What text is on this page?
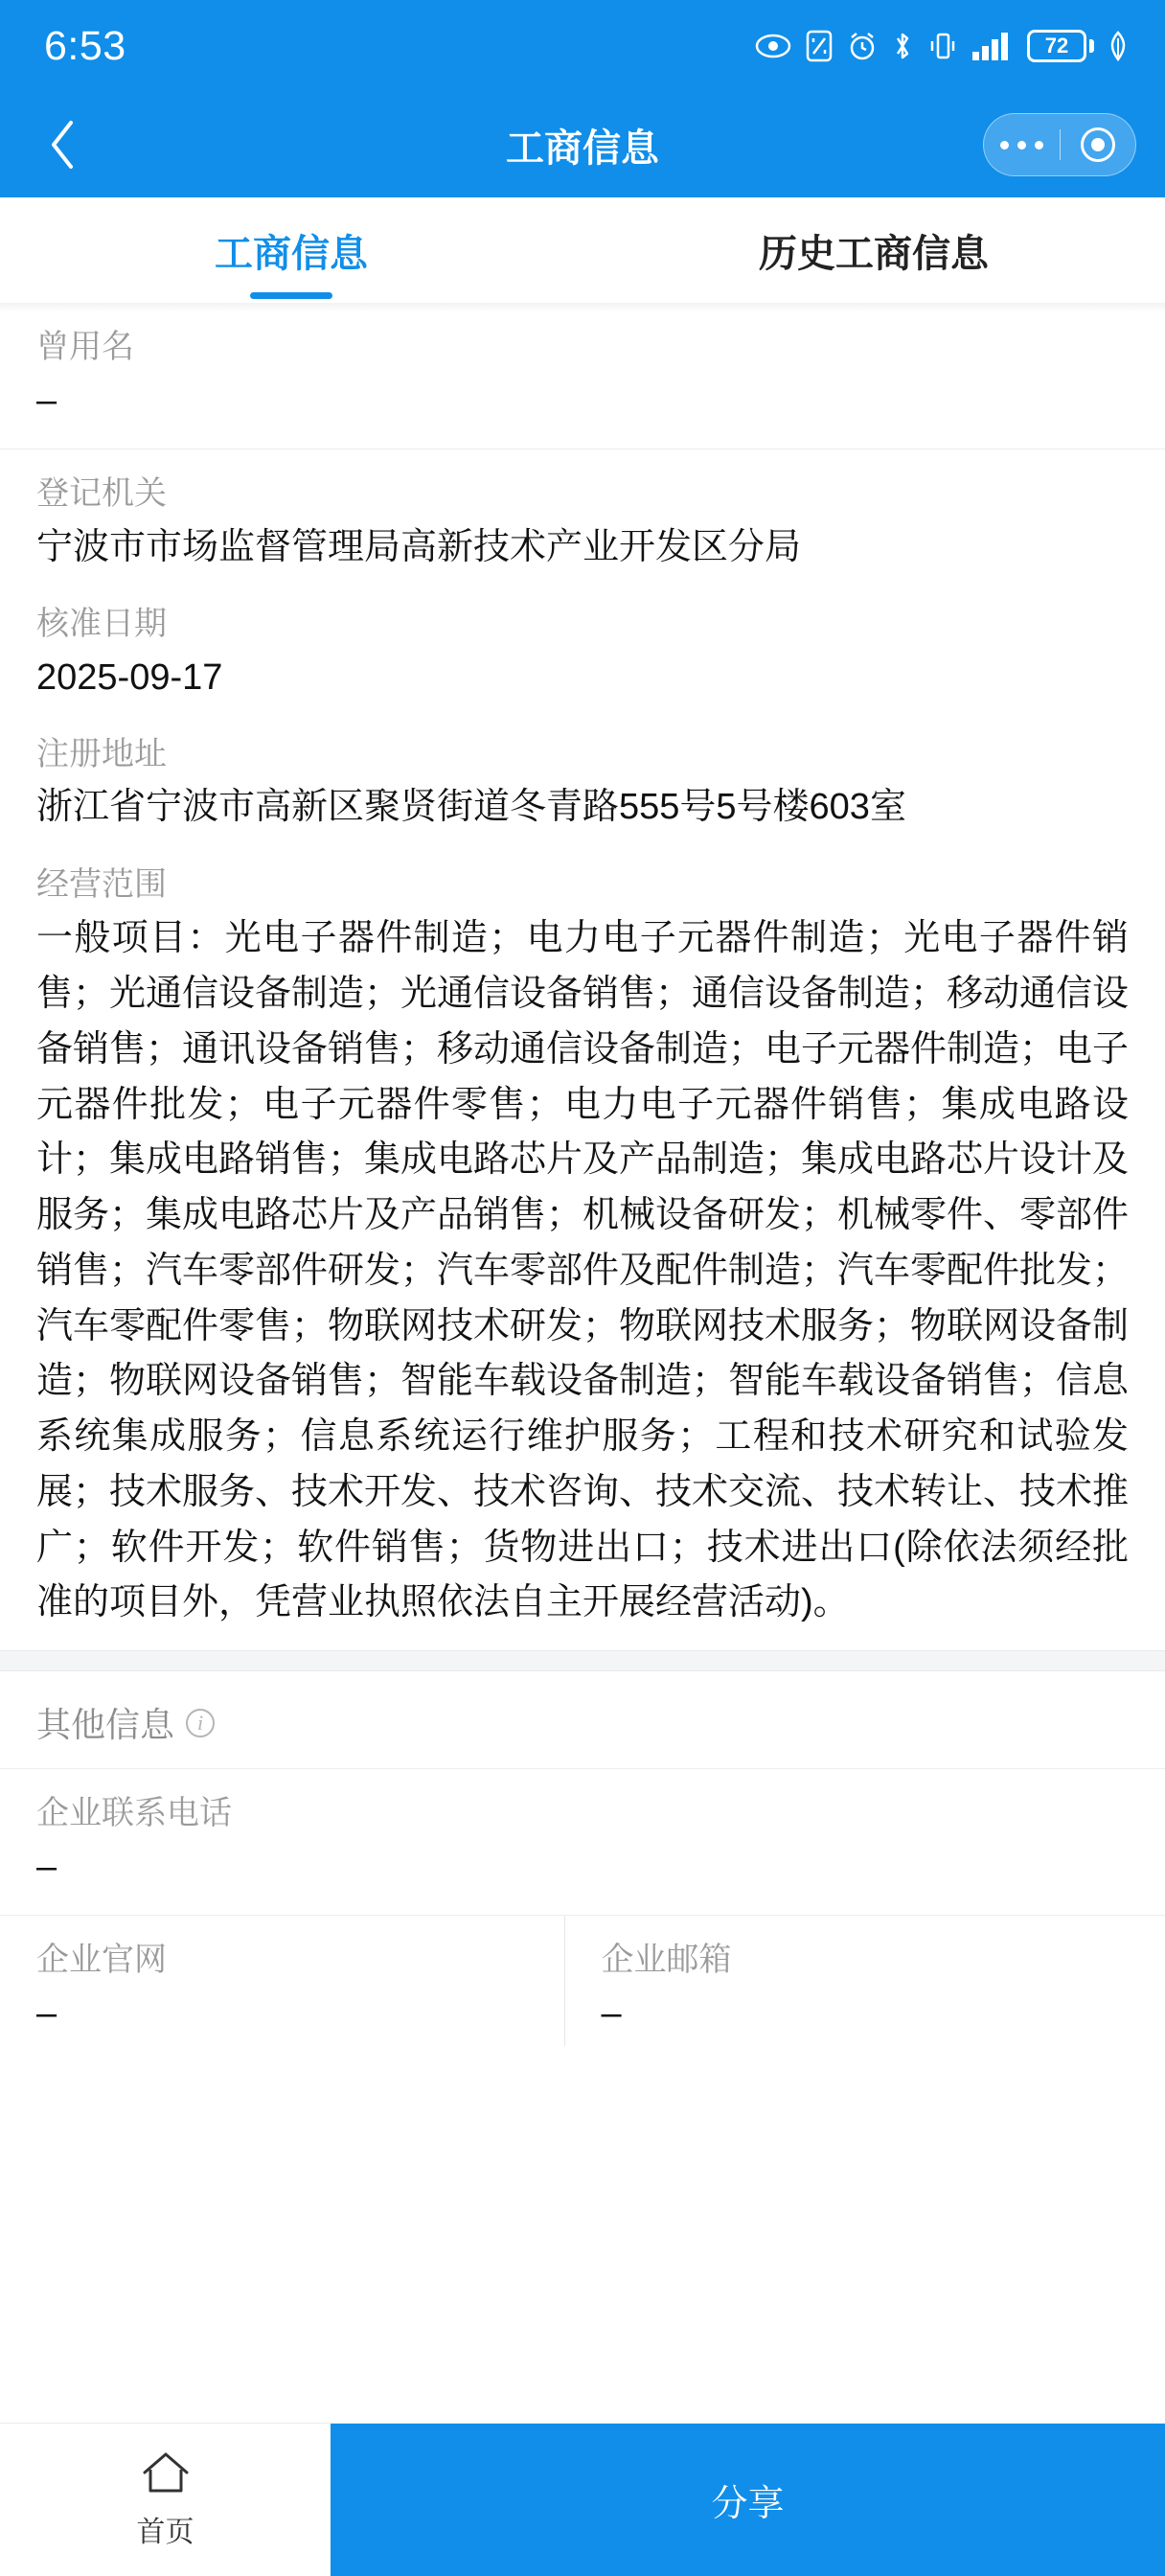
6:53	72
工商信息
工商信息	历史工商信息
曾用名
–
登记机关
宁波市市场监督管理局高新技术产业开发区分局
核准日期
2025-09-17
注册地址
浙江省宁波市高新区聚贤街道冬青路555号5号楼603室
经营范围
一般项目：光电子器件制造；电力电子元器件制造；光电子器件销售；光通信设备制造；光通信设备销售；通信设备制造；移动通信设备销售；通讯设备销售；移动通信设备制造；电子元器件制造；电子元器件批发；电子元器件零售；电力电子元器件销售；集成电路设计；集成电路销售；集成电路芯片及产品制造；集成电路芯片设计及服务；集成电路芯片及产品销售；机械设备研发；机械零件、零部件销售；汽车零部件研发；汽车零部件及配件制造；汽车零配件批发；汽车零配件零售；物联网技术研发；物联网技术服务；物联网设备制造；物联网设备销售；智能车载设备制造；智能车载设备销售；信息系统集成服务；信息系统运行维护服务；工程和技术研究和试验发展；技术服务、技术开发、技术咨询、技术交流、技术转让、技术推广；软件开发；软件销售；货物进出口；技术进出口(除依法须经批准的项目外，凭营业执照依法自主开展经营活动)。
其他信息	i
企业联系电话
–
企业官网
–
企业邮箱
–
首页
分享
